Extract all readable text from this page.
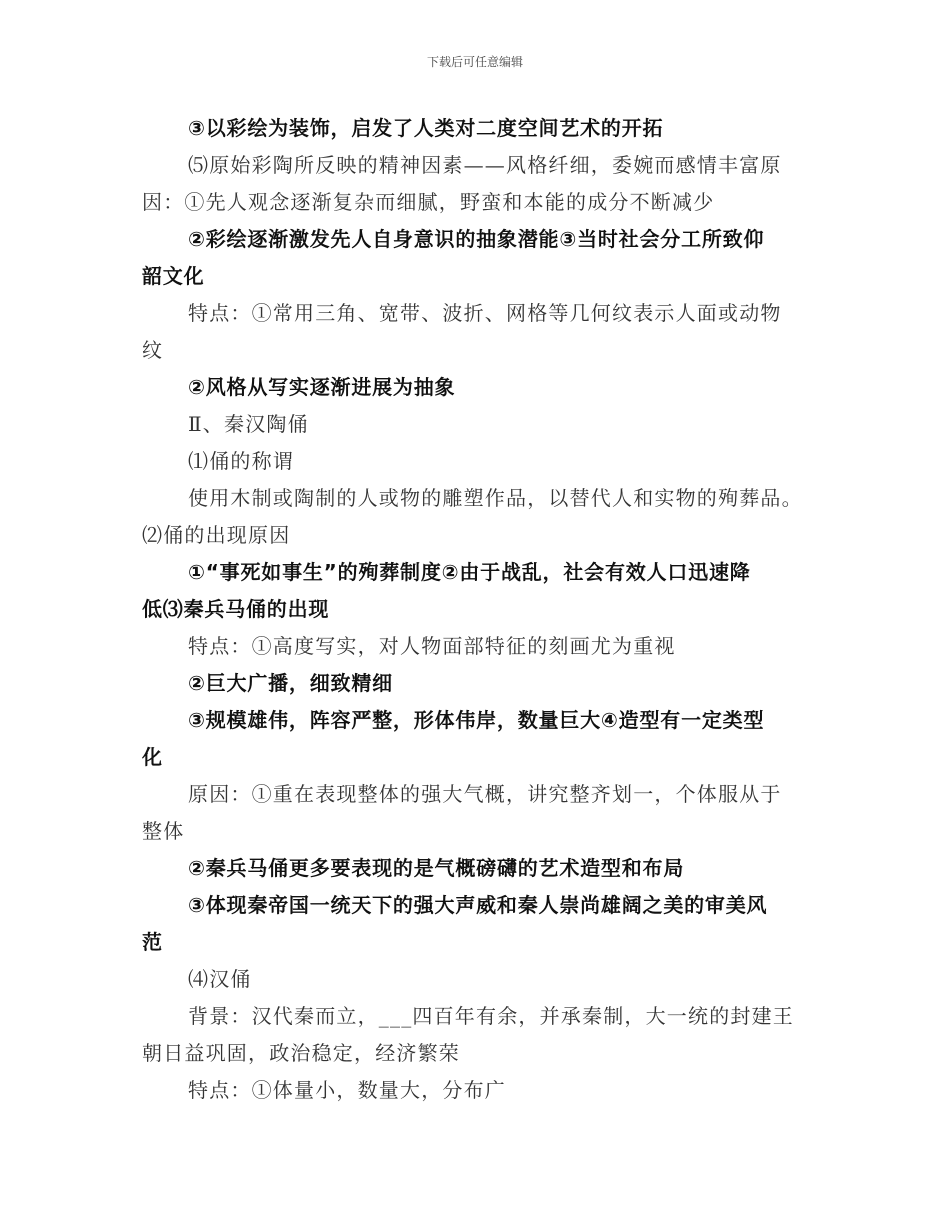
下载后可任意编辑
③以彩绘为装饰，启发了人类对二度空间艺术的开拓
⑸原始彩陶所反映的精神因素——风格纤细，委婉而感情丰富原
因：①先人观念逐渐复杂而细腻，野蛮和本能的成分不断减少
②彩绘逐渐激发先人自身意识的抽象潜能③当时社会分工所致仰
韶文化
特点：①常用三角、宽带、波折、网格等几何纹表示人面或动物
纹
②风格从写实逐渐进展为抽象
Ⅱ、秦汉陶俑
⑴俑的称谓
使用木制或陶制的人或物的雕塑作品，以替代人和实物的殉葬品。
⑵俑的出现原因
①“事死如事生”的殉葬制度②由于战乱，社会有效人口迅速降
低⑶秦兵马俑的出现
特点：①高度写实，对人物面部特征的刻画尤为重视
②巨大广播，细致精细
③规模雄伟，阵容严整，形体伟岸，数量巨大④造型有一定类型
化
原因：①重在表现整体的强大气概，讲究整齐划一，个体服从于
整体
②秦兵马俑更多要表现的是气概磅礴的艺术造型和布局
③体现秦帝国一统天下的强大声威和秦人崇尚雄阔之美的审美风
范
⑷汉俑
背景：汉代秦而立，___四百年有余，并承秦制，大一统的封建王
朝日益巩固，政治稳定，经济繁荣
特点：①体量小，数量大，分布广
